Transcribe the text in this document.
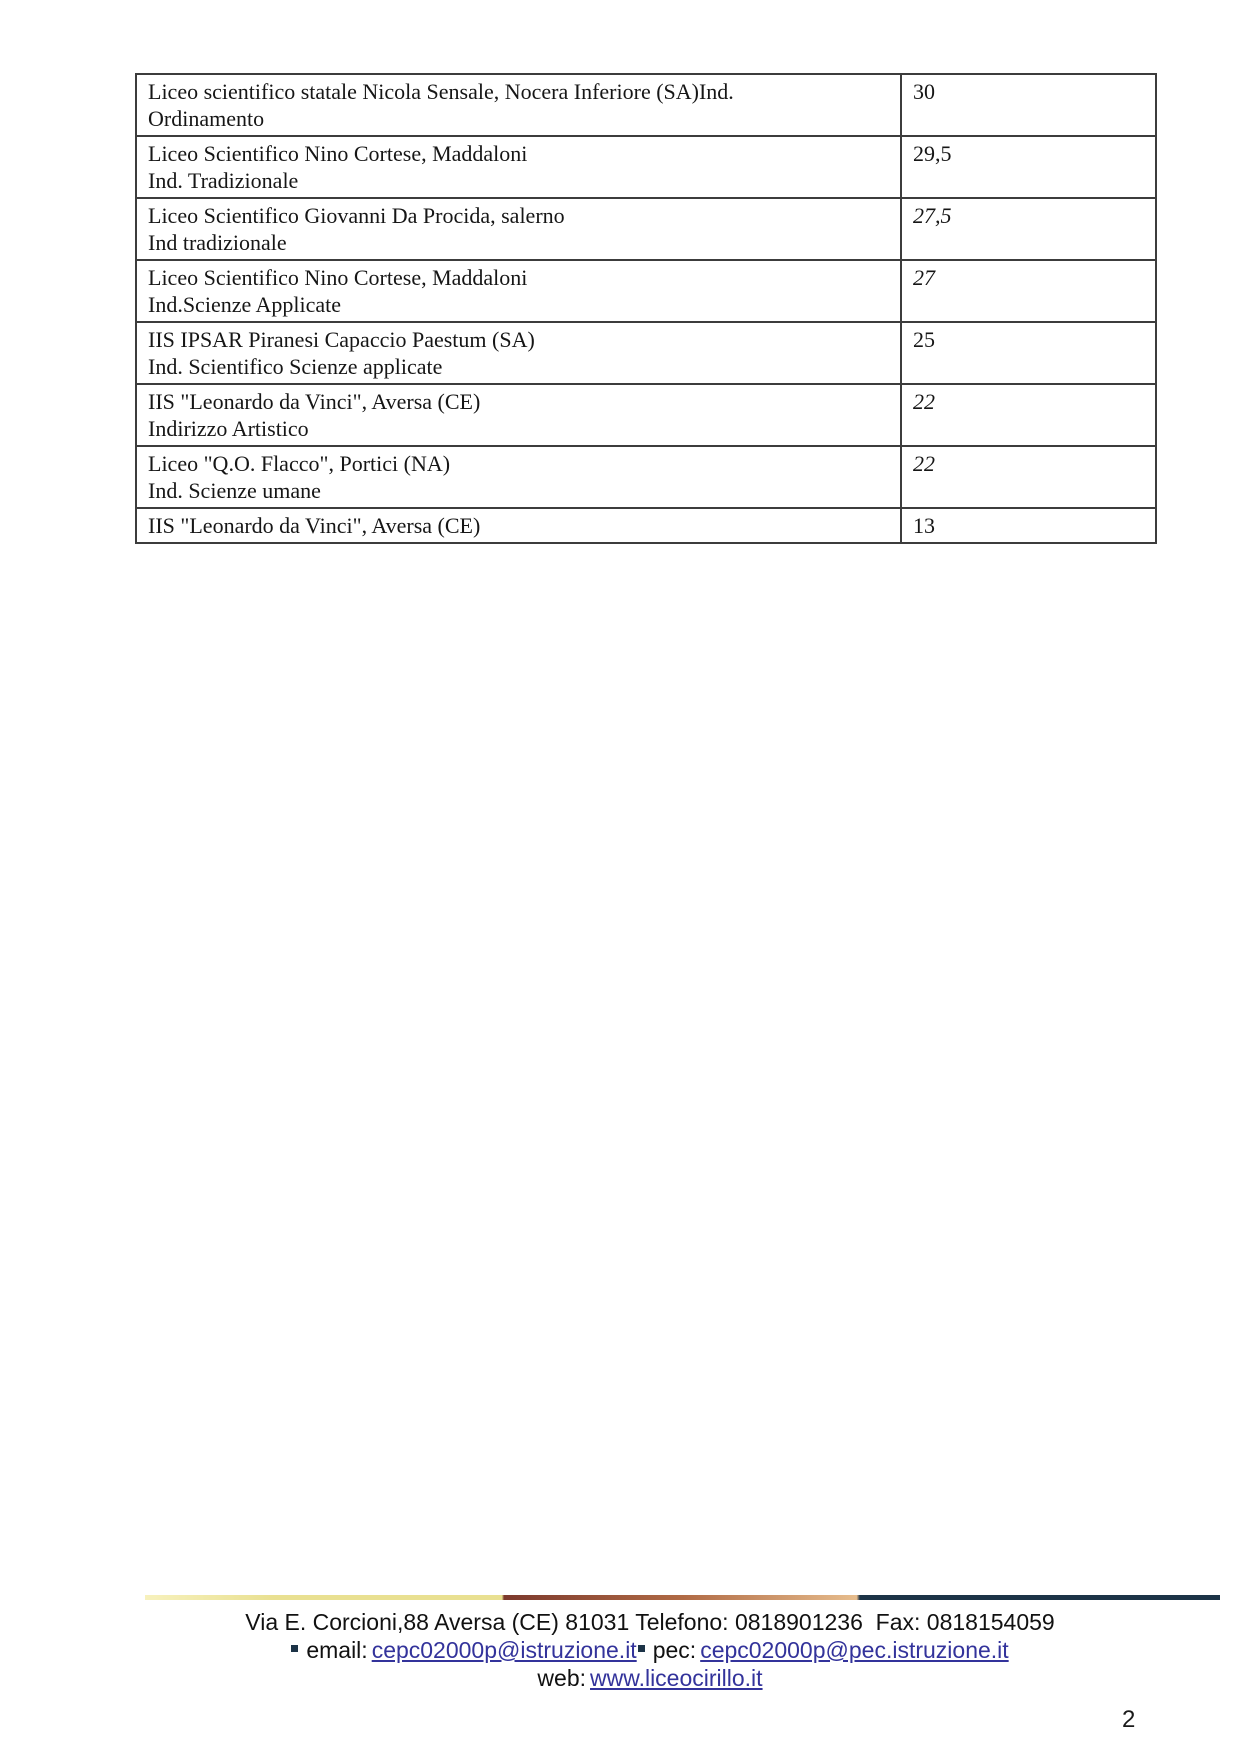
Liceo scientifico statale Nicola Sensale, Nocera Inferiore (SA)Ind.
Ordinamento	30

Liceo Scientifico Nino Cortese, Maddaloni
Ind. Tradizionale	29,5

Liceo Scientifico Giovanni Da Procida, salerno
Ind tradizionale	27,5

Liceo Scientifico Nino Cortese, Maddaloni
Ind.Scienze Applicate	27

IIS IPSAR Piranesi Capaccio Paestum (SA)
Ind. Scientifico Scienze applicate	25

IIS "Leonardo da Vinci", Aversa (CE)
Indirizzo Artistico	22

Liceo "Q.O. Flacco", Portici (NA)
Ind. Scienze umane	22

IIS "Leonardo da Vinci", Aversa (CE)	13
Via E. Corcioni,88 Aversa (CE) 81031 Telefono: 0818901236  Fax: 0818154059
email: cepc02000p@istruzione.it pec: cepc02000p@pec.istruzione.it
web: www.liceocirillo.it
2
